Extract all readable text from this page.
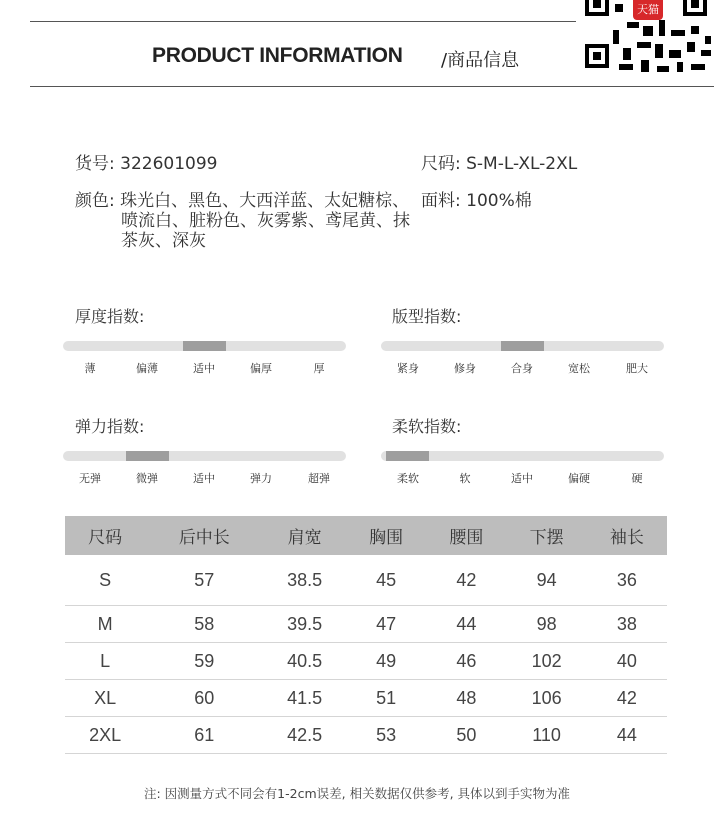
PRODUCT INFORMATION /商品信息
天猫
货号: 322601099	尺码: S-M-L-XL-2XL
颜色: 珠光白、黑色、大西洋蓝、太妃糖棕、喷流白、脏粉色、灰雾紫、鸢尾黄、抹茶灰、深灰
面料: 100%棉
厚度指数:
薄	偏薄	适中	偏厚	厚
版型指数:
紧身	修身	合身	宽松	肥大
弹力指数:
无弹	微弹	适中	弹力	超弹
柔软指数:
柔软	软	适中	偏硬	硬
尺码	后中长	肩宽	胸围	腰围	下摆	袖长
S	57	38.5	45	42	94	36
M	58	39.5	47	44	98	38
L	59	40.5	49	46	102	40
XL	60	41.5	51	48	106	42
2XL	61	42.5	53	50	110	44
注: 因测量方式不同会有1-2cm误差, 相关数据仅供参考, 具体以到手实物为准
